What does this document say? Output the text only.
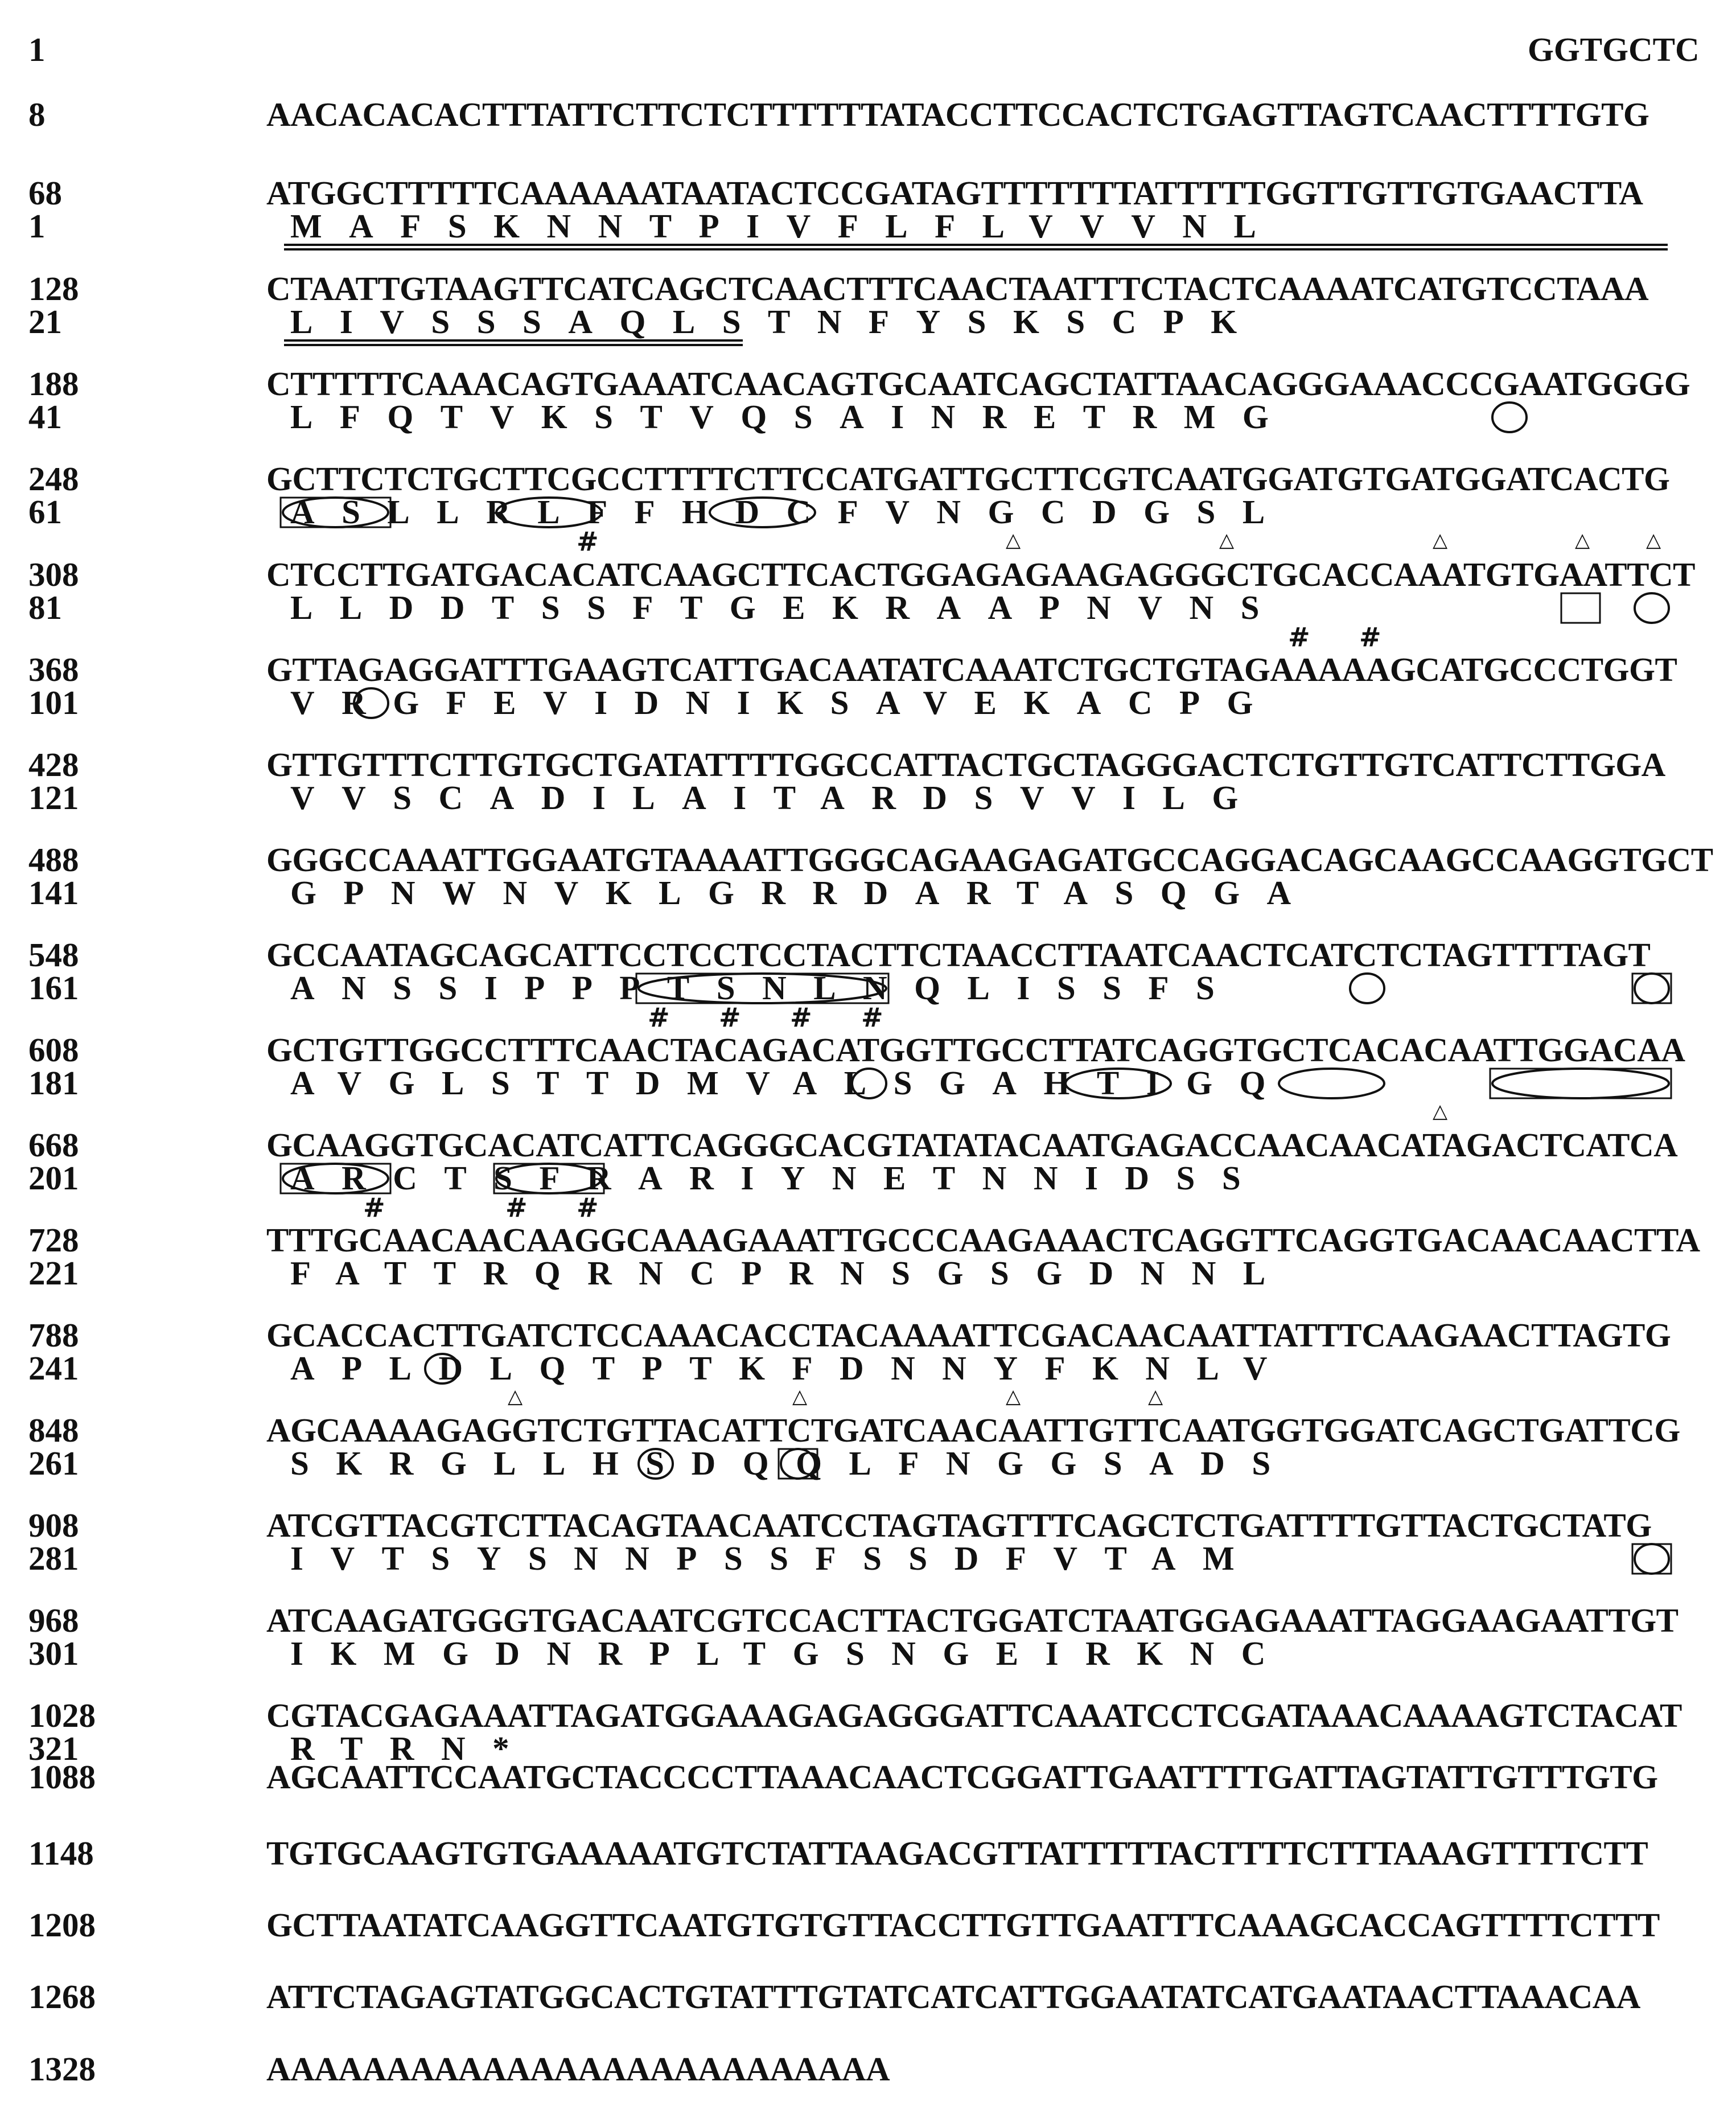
1	GGTGCTC

8	AACACACACTTTATTCTTCTCTTTTTTATACCTTCCACTCTGAGTTAGTCAACTTTTGTG

68	ATGGCTTTTTCAAAAAATAATACTCCGATAGTTTTTTTATTTTTGGTTGTTGTGAACTTA

1	MAFSKNNTPIVFLFLVVVNL

128	CTAATTGTAAGTTCATCAGCTCAACTTTCAACTAATTTCTACTCAAAATCATGTCCTAAA

21	LIVSSSAQLSTNFYSKSCPK

188	CTTTTTCAAACAGTGAAATCAACAGTGCAATCAGCTATTAACAGGGAAACCCGAATGGGG

41	LFQTVKSTVQSAINRETRMG

248	GCTTCTCTGCTTCGCCTTTTCTTCCATGATTGCTTCGTCAATGGATGTGATGGATCACTG

61	ASLLRLFFHDCFVNGCDGSL

308	CTCCTTGATGACACATCAAGCTTCACTGGAGAGAAGAGGGCTGCACCAAATGTGAATTCT

81	LLDDTSSFTGEKRAAPNVNS

368	GTTAGAGGATTTGAAGTCATTGACAATATCAAATCTGCTGTAGAAAAAGCATGCCCTGGT

101	VRGFEVIDNIKSAVEKACPG

428	GTTGTTTCTTGTGCTGATATTTTGGCCATTACTGCTAGGGACTCTGTTGTCATTCTTGGA

121	VVSCADILAITARDSVVILG

488	GGGCCAAATTGGAATGTAAAATTGGGCAGAAGAGATGCCAGGACAGCAAGCCAAGGTGCT

141	GPNWNVKLGRRDARTASQGA

548	GCCAATAGCAGCATTCCTCCTCCTACTTCTAACCTTAATCAACTCATCTCTAGTTTTAGT

161	ANSSIPPPTSNLNQLISSFS

608	GCTGTTGGCCTTTCAACTACAGACATGGTTGCCTTATCAGGTGCTCACACAATTGGACAA

181	AVGLSTTDMVALSGAHTIGQ

668	GCAAGGTGCACATCATTCAGGGCACGTATATACAATGAGACCAACAACATAGACTCATCA

201	ARCTSFRARIYNETNNIDSS

728	TTTGCAACAACAAGGCAAAGAAATTGCCCAAGAAACTCAGGTTCAGGTGACAACAACTTA

221	FATTRQRNCPRNSGSGDNNL

788	GCACCACTTGATCTCCAAACACCTACAAAATTCGACAACAATTATTTCAAGAACTTAGTG

241	APLDLQTPTKFDNNYFKNLV

848	AGCAAAAGAGGTCTGTTACATTCTGATCAACAATTGTTCAATGGTGGATCAGCTGATTCG

261	SKRGLLHSDQQLFNGGSADS

908	ATCGTTACGTCTTACAGTAACAATCCTAGTAGTTTCAGCTCTGATTTTGTTACTGCTATG

281	IVTSYSNNPSSFSSDFVTAM

968	ATCAAGATGGGTGACAATCGTCCACTTACTGGATCTAATGGAGAAATTAGGAAGAATTGT

301	IKMGDNRPLTGSNGEIRKNC

1028	CGTACGAGAAATTAGATGGAAAGAGAGGGATTCAAATCCTCGATAAACAAAAGTCTACAT

321	RTRN*

1088	AGCAATTCCAATGCTACCCCTTAAACAACTCGGATTGAATTTTGATTAGTATTGTTTGTG

1148	TGTGCAAGTGTGAAAAATGTCTATTAAGACGTTATTTTTACTTTTCTTTAAAGTTTTCTT

1208	GCTTAATATCAAGGTTCAATGTGTGTTACCTTGTTGAATTTCAAAGCACCAGTTTTCTTT

1268	ATTCTAGAGTATGGCACTGTATTTGTATCATCATTGGAATATCATGAATAACTTAAACAA

1328	AAAAAAAAAAAAAAAAAAAAAAAAAA

#

# #

# # # #

#	# #

△	△	△	△	△

△

△	△	△	△
